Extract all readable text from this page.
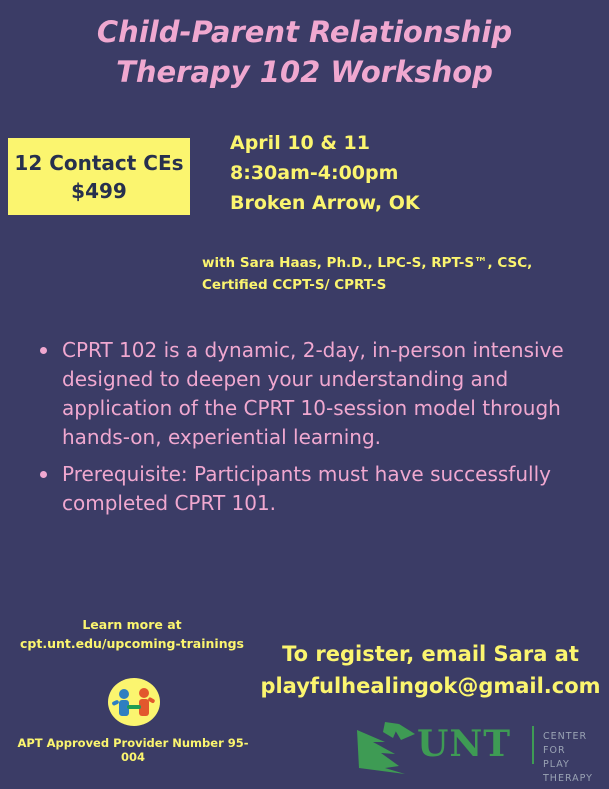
Child-Parent Relationship
Therapy 102 Workshop
12 Contact CEs
$499
April 10 & 11
8:30am-4:00pm
Broken Arrow, OK
with Sara Haas, Ph.D., LPC-S, RPT-S™, CSC,
Certified CCPT-S/ CPRT-S
CPRT 102 is a dynamic, 2-day, in-person intensive designed to deepen your understanding and application of the CPRT 10-session model through hands-on, experiential learning.
Prerequisite: Participants must have successfully completed CPRT 101.
Learn more at
cpt.unt.edu/upcoming-trainings	To register, email Sara at
playfulhealingok@gmail.com
APT Approved Provider Number 95-004	UNT	CENTER FOR
PLAY THERAPY
